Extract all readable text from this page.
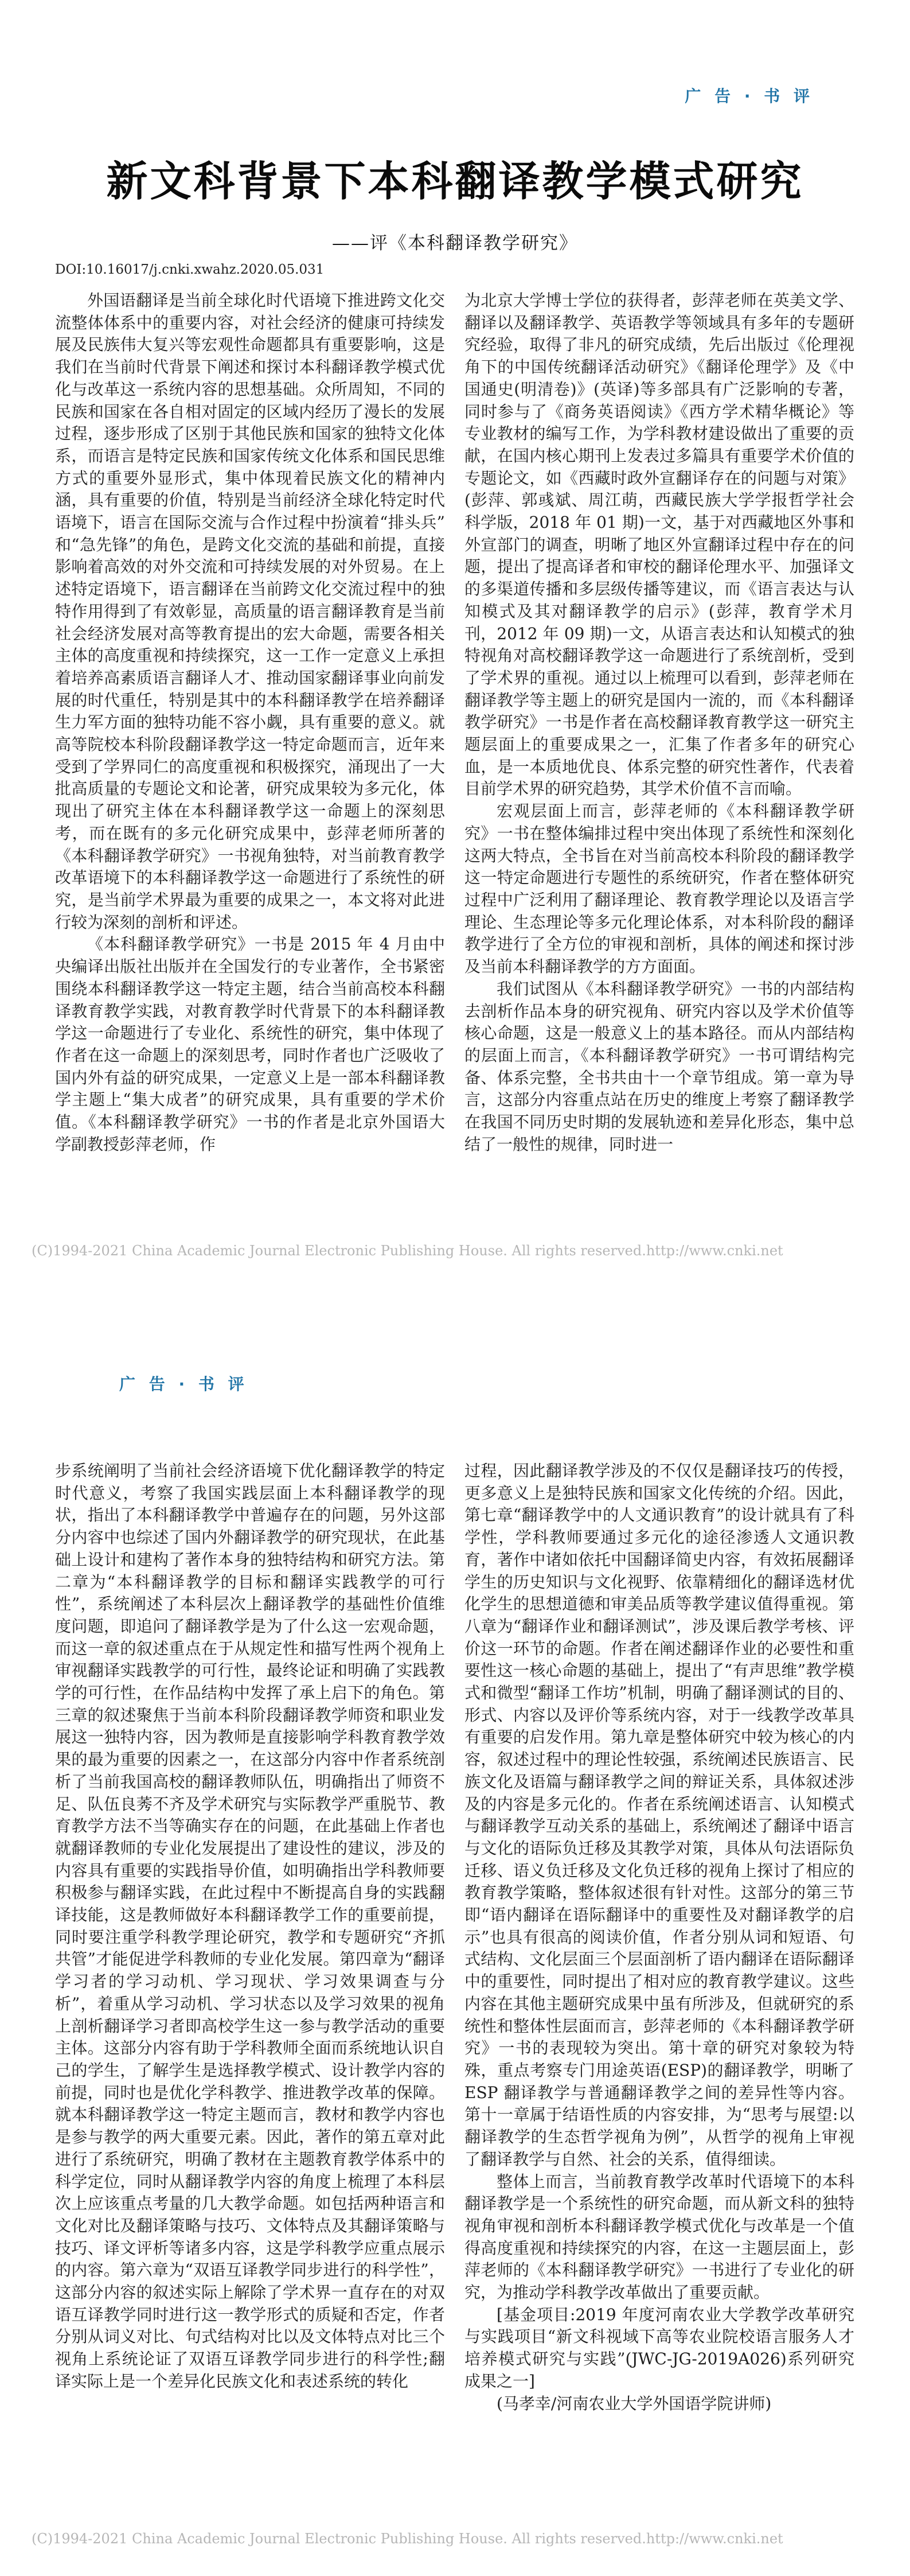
广 告 · 书 评
新文科背景下本科翻译教学模式研究
——评《本科翻译教学研究》
DOI:10.16017/j.cnki.xwahz.2020.05.031

外国语翻译是当前全球化时代语境下推进跨文化交流整体体系中的重要内容，对社会经济的健康可持续发展及民族伟大复兴等宏观性命题都具有重要影响，这是我们在当前时代背景下阐述和探讨本科翻译教学模式优化与改革这一系统内容的思想基础。众所周知，不同的民族和国家在各自相对固定的区域内经历了漫长的发展过程，逐步形成了区别于其他民族和国家的独特文化体系，而语言是特定民族和国家传统文化体系和国民思维方式的重要外显形式，集中体现着民族文化的精神内涵，具有重要的价值，特别是当前经济全球化特定时代语境下，语言在国际交流与合作过程中扮演着“排头兵”和“急先锋”的角色，是跨文化交流的基础和前提，直接影响着高效的对外交流和可持续发展的对外贸易。在上述特定语境下，语言翻译在当前跨文化交流过程中的独特作用得到了有效彰显，高质量的语言翻译教育是当前社会经济发展对高等教育提出的宏大命题，需要各相关主体的高度重视和持续探究，这一工作一定意义上承担着培养高素质语言翻译人才、推动国家翻译事业向前发展的时代重任，特别是其中的本科翻译教学在培养翻译生力军方面的独特功能不容小觑，具有重要的意义。就高等院校本科阶段翻译教学这一特定命题而言，近年来受到了学界同仁的高度重视和积极探究，涌现出了一大批高质量的专题论文和论著，研究成果较为多元化，体现出了研究主体在本科翻译教学这一命题上的深刻思考，而在既有的多元化研究成果中，彭萍老师所著的《本科翻译教学研究》一书视角独特，对当前教育教学改革语境下的本科翻译教学这一命题进行了系统性的研究，是当前学术界最为重要的成果之一，本文将对此进行较为深刻的剖析和评述。

《本科翻译教学研究》一书是 2015 年 4 月由中央编译出版社出版并在全国发行的专业著作，全书紧密围绕本科翻译教学这一特定主题，结合当前高校本科翻译教育教学实践，对教育教学时代背景下的本科翻译教学这一命题进行了专业化、系统性的研究，集中体现了作者在这一命题上的深刻思考，同时作者也广泛吸收了国内外有益的研究成果，一定意义上是一部本科翻译教学主题上“集大成者”的研究成果，具有重要的学术价值。《本科翻译教学研究》一书的作者是北京外国语大学副教授彭萍老师，作

为北京大学博士学位的获得者，彭萍老师在英美文学、翻译以及翻译教学、英语教学等领域具有多年的专题研究经验，取得了非凡的研究成绩，先后出版过《伦理视角下的中国传统翻译活动研究》《翻译伦理学》及《中国通史(明清卷)》(英译)等多部具有广泛影响的专著，同时参与了《商务英语阅读》《西方学术精华概论》等专业教材的编写工作，为学科教材建设做出了重要的贡献，在国内核心期刊上发表过多篇具有重要学术价值的专题论文，如《西藏时政外宣翻译存在的问题与对策》(彭萍、郭彧斌、周江萌，西藏民族大学学报哲学社会科学版，2018 年 01 期)一文，基于对西藏地区外事和外宣部门的调查，明晰了地区外宣翻译过程中存在的问题，提出了提高译者和审校的翻译伦理水平、加强译文的多渠道传播和多层级传播等建议，而《语言表达与认知模式及其对翻译教学的启示》(彭萍，教育学术月刊，2012 年 09 期)一文，从语言表达和认知模式的独特视角对高校翻译教学这一命题进行了系统剖析，受到了学术界的重视。通过以上梳理可以看到，彭萍老师在翻译教学等主题上的研究是国内一流的，而《本科翻译教学研究》一书是作者在高校翻译教育教学这一研究主题层面上的重要成果之一，汇集了作者多年的研究心血，是一本质地优良、体系完整的研究性著作，代表着目前学术界的研究趋势，其学术价值不言而喻。

宏观层面上而言，彭萍老师的《本科翻译教学研究》一书在整体编排过程中突出体现了系统性和深刻化这两大特点，全书旨在对当前高校本科阶段的翻译教学这一特定命题进行专题性的系统研究，作者在整体研究过程中广泛利用了翻译理论、教育教学理论以及语言学理论、生态理论等多元化理论体系，对本科阶段的翻译教学进行了全方位的审视和剖析，具体的阐述和探讨涉及当前本科翻译教学的方方面面。

我们试图从《本科翻译教学研究》一书的内部结构去剖析作品本身的研究视角、研究内容以及学术价值等核心命题，这是一般意义上的基本路径。而从内部结构的层面上而言，《本科翻译教学研究》一书可谓结构完备、体系完整，全书共由十一个章节组成。第一章为导言，这部分内容重点站在历史的维度上考察了翻译教学在我国不同历史时期的发展轨迹和差异化形态，集中总结了一般性的规律，同时进一

(C)1994-2021 China Academic Journal Electronic Publishing House. All rights reserved. http://www.cnki.net
广 告 · 书 评

步系统阐明了当前社会经济语境下优化翻译教学的特定时代意义，考察了我国实践层面上本科翻译教学的现状，指出了本科翻译教学中普遍存在的问题，另外这部分内容中也综述了国内外翻译教学的研究现状，在此基础上设计和建构了著作本身的独特结构和研究方法。第二章为“本科翻译教学的目标和翻译实践教学的可行性”，系统阐述了本科层次上翻译教学的基础性价值维度问题，即追问了翻译教学是为了什么这一宏观命题，而这一章的叙述重点在于从规定性和描写性两个视角上审视翻译实践教学的可行性，最终论证和明确了实践教学的可行性，在作品结构中发挥了承上启下的角色。第三章的叙述聚焦于当前本科阶段翻译教学师资和职业发展这一独特内容，因为教师是直接影响学科教育教学效果的最为重要的因素之一，在这部分内容中作者系统剖析了当前我国高校的翻译教师队伍，明确指出了师资不足、队伍良莠不齐及学术研究与实际教学严重脱节、教育教学方法不当等确实存在的问题，在此基础上作者也就翻译教师的专业化发展提出了建设性的建议，涉及的内容具有重要的实践指导价值，如明确指出学科教师要积极参与翻译实践，在此过程中不断提高自身的实践翻译技能，这是教师做好本科翻译教学工作的重要前提，同时要注重学科教学理论研究，教学和专题研究“齐抓共管”才能促进学科教师的专业化发展。第四章为“翻译学习者的学习动机、学习现状、学习效果调查与分析”，着重从学习动机、学习状态以及学习效果的视角上剖析翻译学习者即高校学生这一参与教学活动的重要主体。这部分内容有助于学科教师全面而系统地认识自己的学生，了解学生是选择教学模式、设计教学内容的前提，同时也是优化学科教学、推进教学改革的保障。就本科翻译教学这一特定主题而言，教材和教学内容也是参与教学的两大重要元素。因此，著作的第五章对此进行了系统研究，明确了教材在主题教育教学体系中的科学定位，同时从翻译教学内容的角度上梳理了本科层次上应该重点考量的几大教学命题。如包括两种语言和文化对比及翻译策略与技巧、文体特点及其翻译策略与技巧、译文评析等诸多内容，这是学科教学应重点展示的内容。第六章为“双语互译教学同步进行的科学性”，这部分内容的叙述实际上解除了学术界一直存在的对双语互译教学同时进行这一教学形式的质疑和否定，作者分别从词义对比、句式结构对比以及文体特点对比三个视角上系统论证了双语互译教学同步进行的科学性;翻译实际上是一个差异化民族文化和表述系统的转化

过程，因此翻译教学涉及的不仅仅是翻译技巧的传授，更多意义上是独特民族和国家文化传统的介绍。因此，第七章“翻译教学中的人文通识教育”的设计就具有了科学性，学科教师要通过多元化的途径渗透人文通识教育，著作中诸如依托中国翻译简史内容，有效拓展翻译学生的历史知识与文化视野、依靠精细化的翻译选材优化学生的思想道德和审美品质等教学建议值得重视。第八章为“翻译作业和翻译测试”，涉及课后教学考核、评价这一环节的命题。作者在阐述翻译作业的必要性和重要性这一核心命题的基础上，提出了“有声思维”教学模式和微型“翻译工作坊”机制，明确了翻译测试的目的、形式、内容以及评价等系统内容，对于一线教学改革具有重要的启发作用。第九章是整体研究中较为核心的内容，叙述过程中的理论性较强，系统阐述民族语言、民族文化及语篇与翻译教学之间的辩证关系，具体叙述涉及的内容是多元化的。作者在系统阐述语言、认知模式与翻译教学互动关系的基础上，系统阐述了翻译中语言与文化的语际负迁移及其教学对策，具体从句法语际负迁移、语义负迁移及文化负迁移的视角上探讨了相应的教育教学策略，整体叙述很有针对性。这部分的第三节即“语内翻译在语际翻译中的重要性及对翻译教学的启示”也具有很高的阅读价值，作者分别从词和短语、句式结构、文化层面三个层面剖析了语内翻译在语际翻译中的重要性，同时提出了相对应的教育教学建议。这些内容在其他主题研究成果中虽有所涉及，但就研究的系统性和整体性层面而言，彭萍老师的《本科翻译教学研究》一书的表现较为突出。第十章的研究对象较为特殊，重点考察专门用途英语(ESP)的翻译教学，明晰了 ESP 翻译教学与普通翻译教学之间的差异性等内容。第十一章属于结语性质的内容安排，为“思考与展望:以翻译教学的生态哲学视角为例”，从哲学的视角上审视了翻译教学与自然、社会的关系，值得细读。

整体上而言，当前教育教学改革时代语境下的本科翻译教学是一个系统性的研究命题，而从新文科的独特视角审视和剖析本科翻译教学模式优化与改革是一个值得高度重视和持续探究的内容，在这一主题层面上，彭萍老师的《本科翻译教学研究》一书进行了专业化的研究，为推动学科教学改革做出了重要贡献。

[基金项目:2019 年度河南农业大学教学改革研究与实践项目“新文科视域下高等农业院校语言服务人才培养模式研究与实践”(JWC-JG-2019A026)系列研究成果之一]

(马孝幸/河南农业大学外国语学院讲师)

(C)1994-2021 China Academic Journal Electronic Publishing House. All rights reserved. http://www.cnki.net
